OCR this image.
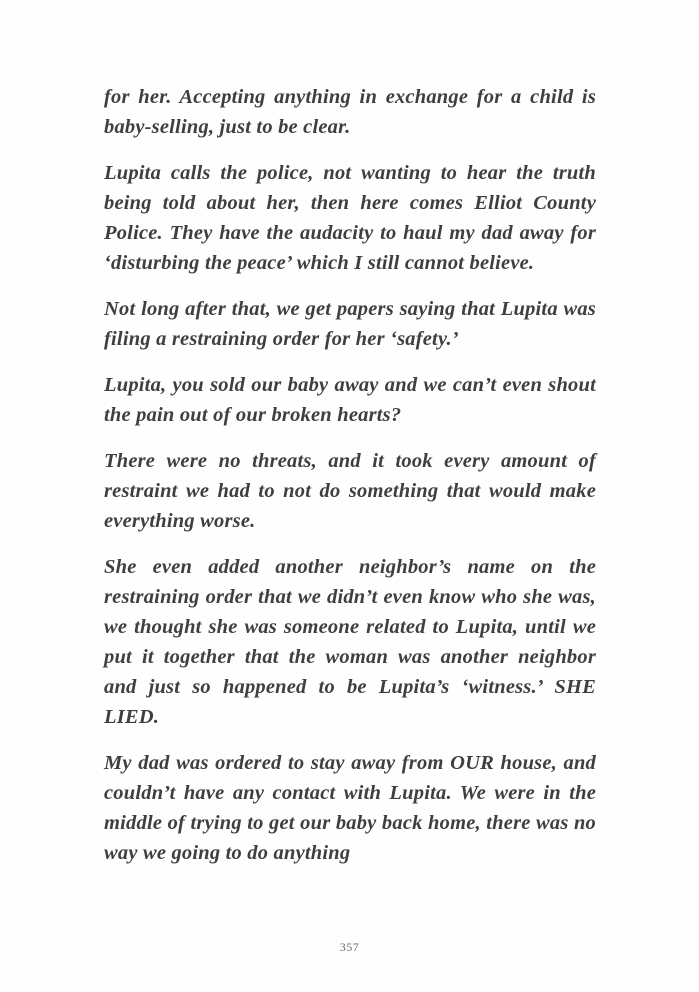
for her. Accepting anything in exchange for a child is baby-selling, just to be clear.

Lupita calls the police, not wanting to hear the truth being told about her, then here comes Elliot County Police. They have the audacity to haul my dad away for ‘disturbing the peace’ which I still cannot believe.

Not long after that, we get papers saying that Lupita was filing a restraining order for her ‘safety.’

Lupita, you sold our baby away and we can’t even shout the pain out of our broken hearts?

There were no threats, and it took every amount of restraint we had to not do something that would make everything worse.

She even added another neighbor’s name on the restraining order that we didn’t even know who she was, we thought she was someone related to Lupita, until we put it together that the woman was another neighbor and just so happened to be Lupita’s ‘witness.’ SHE LIED.

My dad was ordered to stay away from OUR house, and couldn’t have any contact with Lupita. We were in the middle of trying to get our baby back home, there was no way we going to do anything

357
